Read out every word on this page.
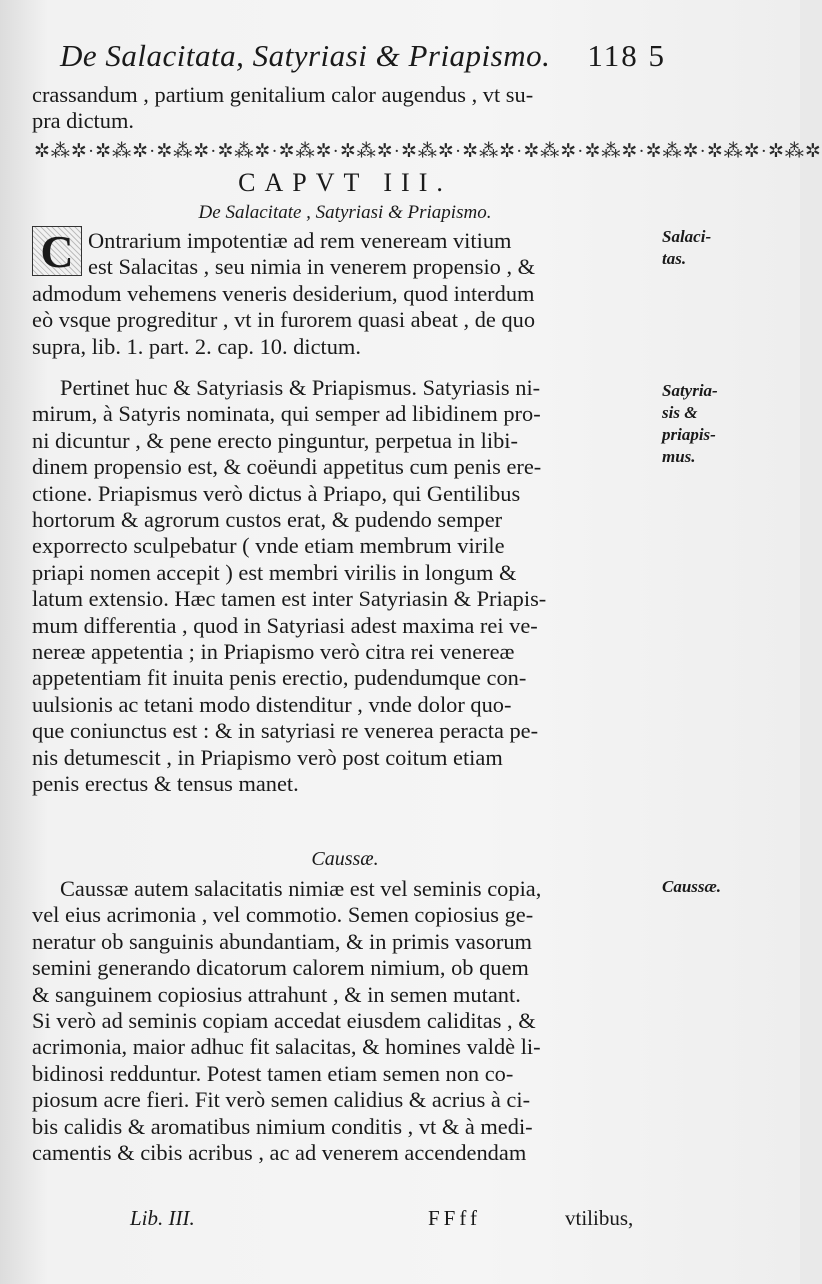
De Salacitata, Satyriasi & Priapismo. 118 5
crassandum , partium genitalium calor augendus , vt su-
pra dictum.
✲⁂✲·✲⁂✲·✲⁂✲·✲⁂✲·✲⁂✲·✲⁂✲·✲⁂✲·✲⁂✲·✲⁂✲·✲⁂✲·✲⁂✲·✲⁂✲·✲⁂✲
CAPVT III.
De Salacitate , Satyriasi & Priapismo.
C Ontrarium impotentiæ ad rem veneream vitium
est Salacitas , seu nimia in venerem propensio , &
admodum vehemens veneris desiderium, quod interdum
eò vsque progreditur , vt in furorem quasi abeat , de quo
supra, lib. 1. part. 2. cap. 10. dictum.
Pertinet huc & Satyriasis & Priapismus. Satyriasis ni-
mirum, à Satyris nominata, qui semper ad libidinem pro-
ni dicuntur , & pene erecto pinguntur, perpetua in libi-
dinem propensio est, & coëundi appetitus cum penis ere-
ctione. Priapismus verò dictus à Priapo, qui Gentilibus
hortorum & agrorum custos erat, & pudendo semper
exporrecto sculpebatur ( vnde etiam membrum virile
priapi nomen accepit ) est membri virilis in longum &
latum extensio. Hæc tamen est inter Satyriasin & Priapis-
mum differentia , quod in Satyriasi adest maxima rei ve-
nereæ appetentia ; in Priapismo verò citra rei venereæ
appetentiam fit inuita penis erectio, pudendumque con-
uulsionis ac tetani modo distenditur , vnde dolor quo-
que coniunctus est : & in satyriasi re venerea peracta pe-
nis detumescit , in Priapismo verò post coitum etiam
penis erectus & tensus manet.
Caussæ.
Caussæ autem salacitatis nimiæ est vel seminis copia,
vel eius acrimonia , vel commotio. Semen copiosius ge-
neratur ob sanguinis abundantiam, & in primis vasorum
semini generando dicatorum calorem nimium, ob quem
& sanguinem copiosius attrahunt , & in semen mutant.
Si verò ad seminis copiam accedat eiusdem caliditas , &
acrimonia, maior adhuc fit salacitas, & homines valdè li-
bidinosi redduntur. Potest tamen etiam semen non co-
piosum acre fieri. Fit verò semen calidius & acrius à ci-
bis calidis & aromatibus nimium conditis , vt & à medi-
camentis & cibis acribus , ac ad venerem accendendam
Salaci-
tas.
Satyria-
sis &
priapis-
mus.
Caussæ.
Lib. III.	FFff	vtilibus,
